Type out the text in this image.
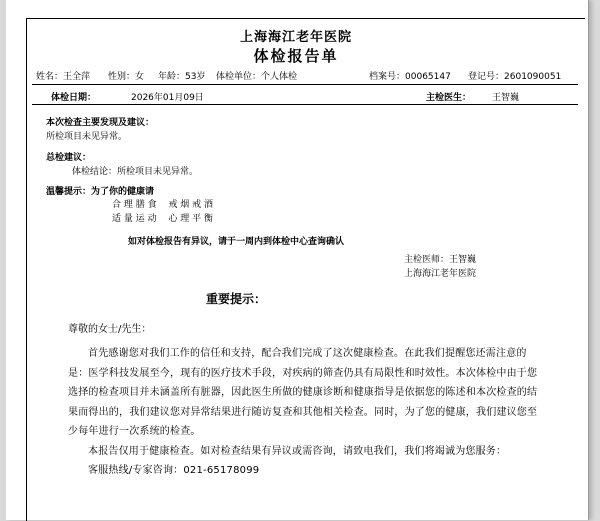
上海海江老年医院
体检报告单
姓名：王全萍 性别：女 年龄：53岁 体检单位：个人体检	档案号：00065147 登记号：2601090051
体检日期：	2026年01月09日	主检医生： 王智巍
本次检查主要发现及建议：
所检项目未见异常。
总检建议：
体检结论：所检项目未见异常。
温馨提示：为了你的健康请
合 理 膳 食　 戒 烟 戒 酒
适 量 运 动　 心 理 平 衡
如对体检报告有异议，请于一周内到体检中心查询确认
主检医师：王智巍
上海海江老年医院
重要提示：
尊敬的女士/先生：

首先感谢您对我们工作的信任和支持，配合我们完成了这次健康检查。在此我们提醒您还需注意的是：医学科技发展至今，现有的医疗技术手段，对疾病的筛查仍具有局限性和时效性。本次体检中由于您选择的检查项目并未涵盖所有脏器，因此医生所做的健康诊断和健康指导是依据您的陈述和本次检查的结果而得出的，我们建议您对异常结果进行随访复查和其他相关检查。同时，为了您的健康，我们建议您至少每年进行一次系统的检查。

本报告仅用于健康检查。如对检查结果有异议或需咨询，请致电我们，我们将竭诚为您服务：

客服热线/专家咨询：021-65178099
